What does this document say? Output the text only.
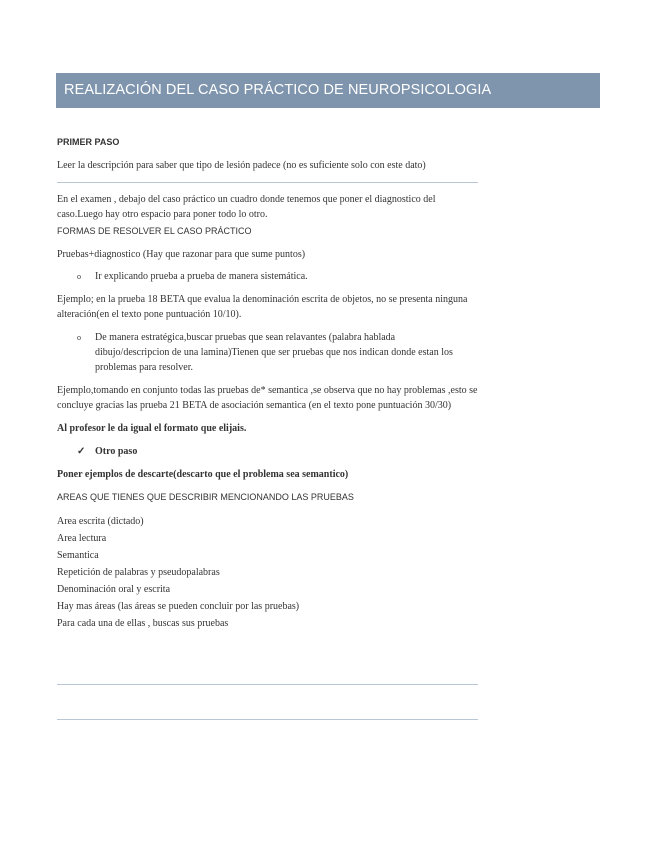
REALIZACIÓN DEL CASO PRÁCTICO DE NEUROPSICOLOGIA

PRIMER PASO

Leer la descripción para saber que tipo de lesión padece (no es suficiente solo con este dato)

En el examen , debajo del caso práctico un cuadro donde tenemos que poner el diagnostico del caso.Luego hay otro espacio para poner todo lo otro.

FORMAS DE RESOLVER EL CASO PRÁCTICO

Pruebas+diagnostico (Hay que razonar para que sume puntos)

o	Ir explicando prueba a prueba de manera sistemática.

Ejemplo; en la prueba 18 BETA que evalua la denominación escrita de objetos, no se presenta ninguna alteración(en el texto pone puntuación 10/10).

o	De manera estratégica,buscar pruebas que sean relavantes (palabra hablada dibujo/descripcion de una lamina)Tienen que ser pruebas que nos indican donde estan los problemas para resolver.

Ejemplo,tomando en conjunto todas las pruebas de* semantica ,se observa que no hay problemas ,esto se concluye gracias las prueba 21 BETA de asociación semantica (en el texto pone puntuación 30/30)

Al profesor le da igual el formato que elijais.

✓ Otro paso

Poner ejemplos de descarte(descarto que el problema sea semantico)

AREAS QUE TIENES QUE DESCRIBIR MENCIONANDO LAS PRUEBAS

Area escrita (dictado)

Area lectura

Semantica

Repetición de palabras y pseudopalabras

Denominación oral y escrita

Hay mas áreas (las áreas se pueden concluir por las pruebas)

Para cada una de ellas , buscas sus pruebas
